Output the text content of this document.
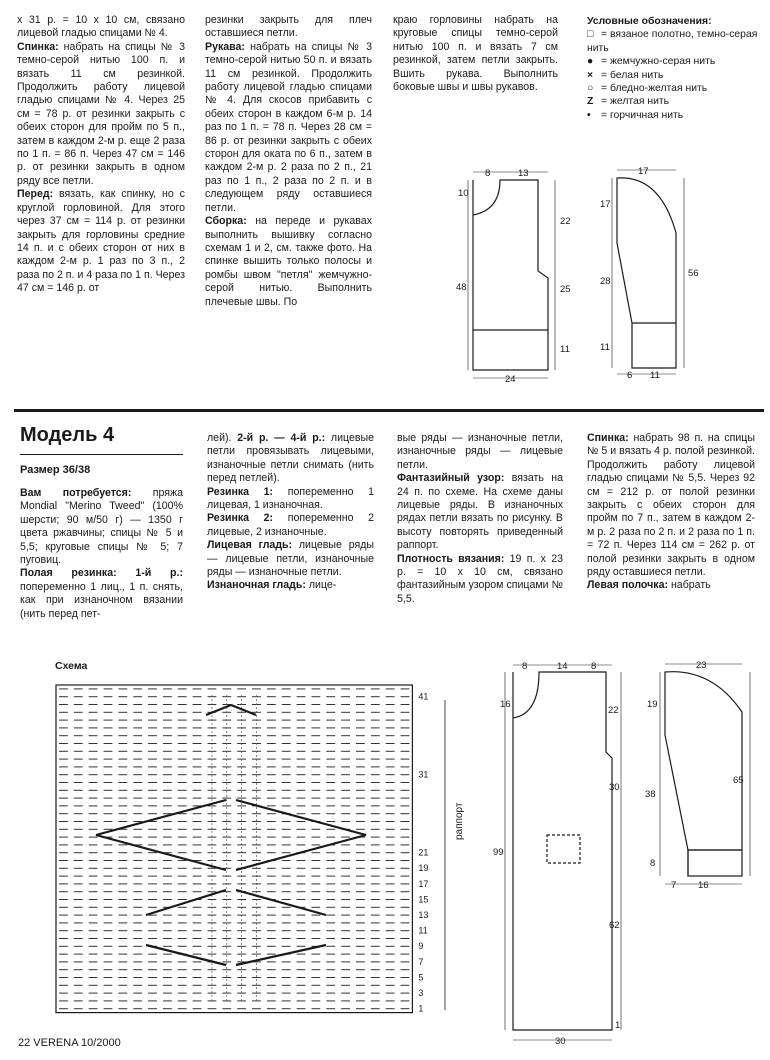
х 31 р. = 10 х 10 см, связано лицевой гладью спицами № 4.

Спинка: набрать на спицы № 3 темно-серой нитью 100 п. и вязать 11 см резинкой. Продолжить работу лицевой гладью спицами № 4. Через 25 см = 78 р. от резинки закрыть с обеих сторон для пройм по 5 п., затем в каждом 2-м р. еще 2 раза по 1 п. = 86 п. Через 47 см = 146 р. от резинки закрыть в одном ряду все петли.

Перед: вязать, как спинку, но с круглой горловиной. Для этого через 37 см = 114 р. от резинки закрыть для горловины средние 14 п. и с обеих сторон от них в каждом 2-м р. 1 раз по 3 п., 2 раза по 2 п. и 4 раза по 1 п. Через 47 см = 146 р. от

резинки закрыть для плеч оставшиеся петли.

Рукава: набрать на спицы № 3 темно-серой нитью 50 п. и вязать 11 см резинкой. Продолжить работу лицевой гладью спицами № 4. Для скосов прибавить с обеих сторон в каждом 6-м р. 14 раз по 1 п. = 78 п. Через 28 см = 86 р. от резинки закрыть с обеих сторон для оката по 6 п., затем в каждом 2-м р. 2 раза по 2 п., 21 раз по 1 п., 2 раза по 2 п. и в следующем ряду оставшиеся петли.

Сборка: на переде и рукавах выполнить вышивку согласно схемам 1 и 2, см. также фото. На спинке вышить только полосы и ромбы швом "петля" жемчужно-серой нитью. Выполнить плечевые швы. По

краю горловины набрать на круговые спицы темно-серой нитью 100 п. и вязать 7 см резинкой, затем петли закрыть. Вшить рукава. Выполнить боковые швы и швы рукавов.

Условные обозначения:
□ = вязаное полотно, темно-серая нить
● = жемчужно-серая нить
× = белая нить
○ = бледно-желтая нить
Z = желтая нить
• = горчичная нить
8	13
10
22
25
48
11
24
17
17
28
56
11
6 11
Модель 4
Размер 36/38

Вам потребуется: пряжа Mondial "Merino Tweed" (100% шерсти; 90 м/50 г) — 1350 г цвета ржавчины; спицы № 5 и 5,5; круговые спицы № 5; 7 пуговиц.

Полая резинка: 1-й р.: попеременно 1 лиц., 1 п. снять, как при изнаночном вязании (нить перед пет-

лей). 2-й р. — 4-й р.: лицевые петли провязывать лицевыми, изнаночные петли снимать (нить перед петлей).

Резинка 1: попеременно 1 лицевая, 1 изнаночная.

Резинка 2: попеременно 2 лицевые, 2 изнаночные.

Лицевая гладь: лицевые ряды — лицевые петли, изнаночные ряды — изнаночные петли.

Изнаночная гладь: лице-

вые ряды — изнаночные петли, изнаночные ряды — лицевые петли.

Фантазийный узор: вязать на 24 п. по схеме. На схеме даны лицевые ряды. В изнаночных рядах петли вязать по рисунку. В высоту повторять приведенный раппорт.

Плотность вязания: 19 п. х 23 р. = 10 х 10 см, связано фантазийным узором спицами № 5,5.

Спинка: набрать 98 п. на спицы № 5 и вязать 4 р. полой резинкой. Продолжить работу лицевой гладью спицами № 5,5. Через 92 см = 212 р. от полой резинки закрыть с обеих сторон для пройм по 7 п., затем в каждом 2-м р. 2 раза по 2 п. и 2 раза по 1 п. = 72 п. Через 114 см = 262 р. от полой резинки закрыть в одном ряду оставшиеся петли.

Левая полочка: набрать

Схема
41
31
21
19
17
15
13
11
9
7
5
3
1
раппорт
8	14 8
16
22
30
99
62
30
1
23
19
38
65
8
7 16
22 VERENA 10/2000
